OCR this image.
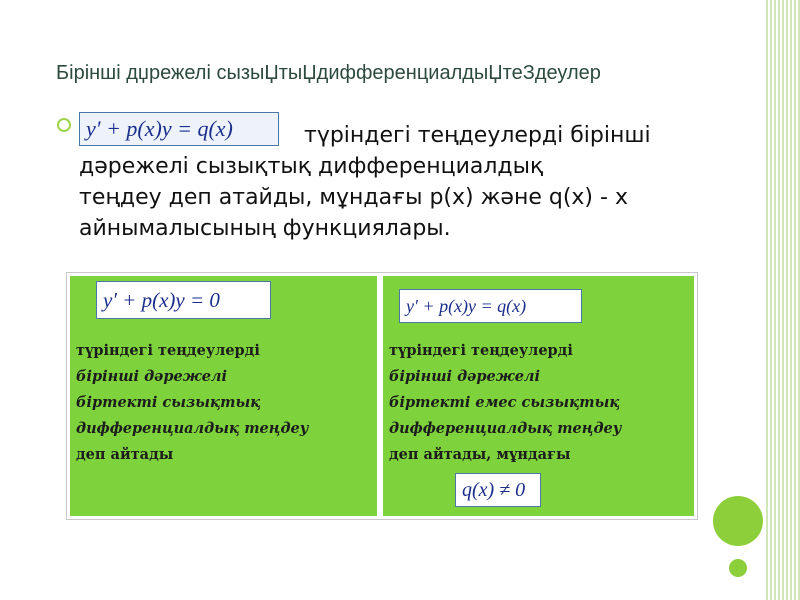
Бірінші дџрежелі сызыЏтыЏдифференциалдыЏтеЗдеулер
y′ + p(x)y = q(x)	түріндегі теңдеулерді бірінші
дәрежелі сызықтық дифференциалдық
теңдеу деп атайды, мұндағы p(x) және q(x) - x
айнымалысының функциялары.
түріндегі теңдеулерді
бірінші дәрежелі
біртекті сызықтық
дифференциалдық теңдеу
деп айтады
түріндегі теңдеулерді
бірінші дәрежелі
біртекті емес сызықтық
дифференциалдық теңдеу
деп айтады, мұндағы
y′ + p(x)y = 0	y′ + p(x)y = q(x)
q(x) ≠ 0
